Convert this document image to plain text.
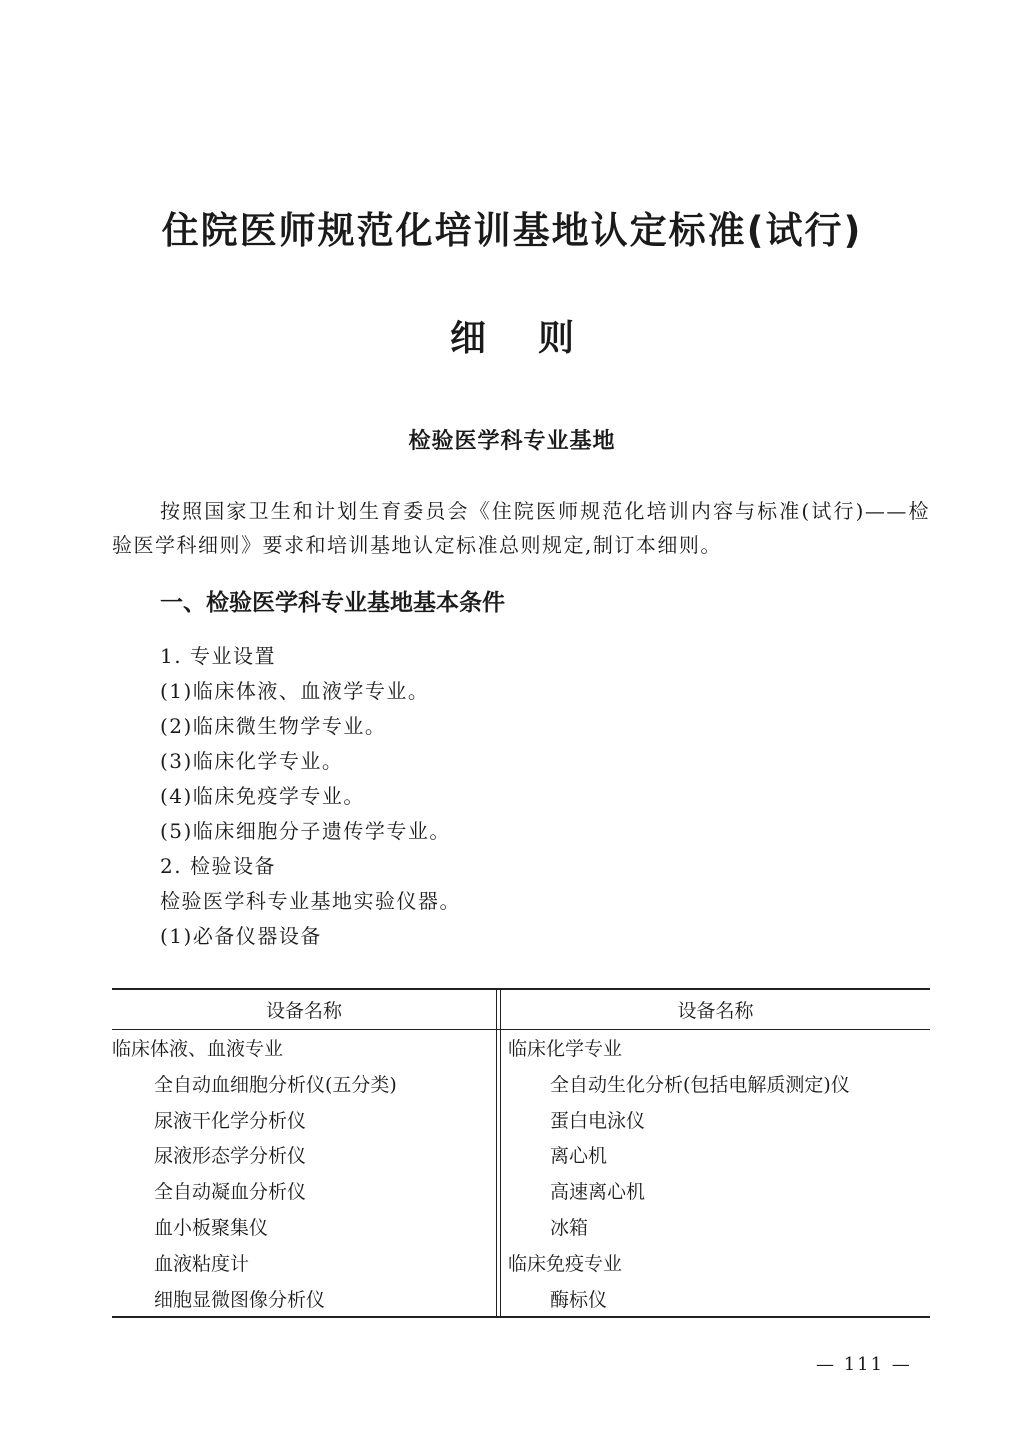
住院医师规范化培训基地认定标准(试行)
细 则
检验医学科专业基地
按照国家卫生和计划生育委员会《住院医师规范化培训内容与标准(试行)——检验医学科细则》要求和培训基地认定标准总则规定,制订本细则。
一、检验医学科专业基地基本条件
1. 专业设置
(1)临床体液、血液学专业。
(2)临床微生物学专业。
(3)临床化学专业。
(4)临床免疫学专业。
(5)临床细胞分子遗传学专业。
2. 检验设备
检验医学科专业基地实验仪器。
(1)必备仪器设备
设备名称	设备名称
临床体液、血液专业
全自动血细胞分析仪(五分类)
尿液干化学分析仪
尿液形态学分析仪
全自动凝血分析仪
血小板聚集仪
血液粘度计
细胞显微图像分析仪
临床化学专业
全自动生化分析(包括电解质测定)仪
蛋白电泳仪
离心机
高速离心机
冰箱
临床免疫专业
酶标仪
— 111 —
